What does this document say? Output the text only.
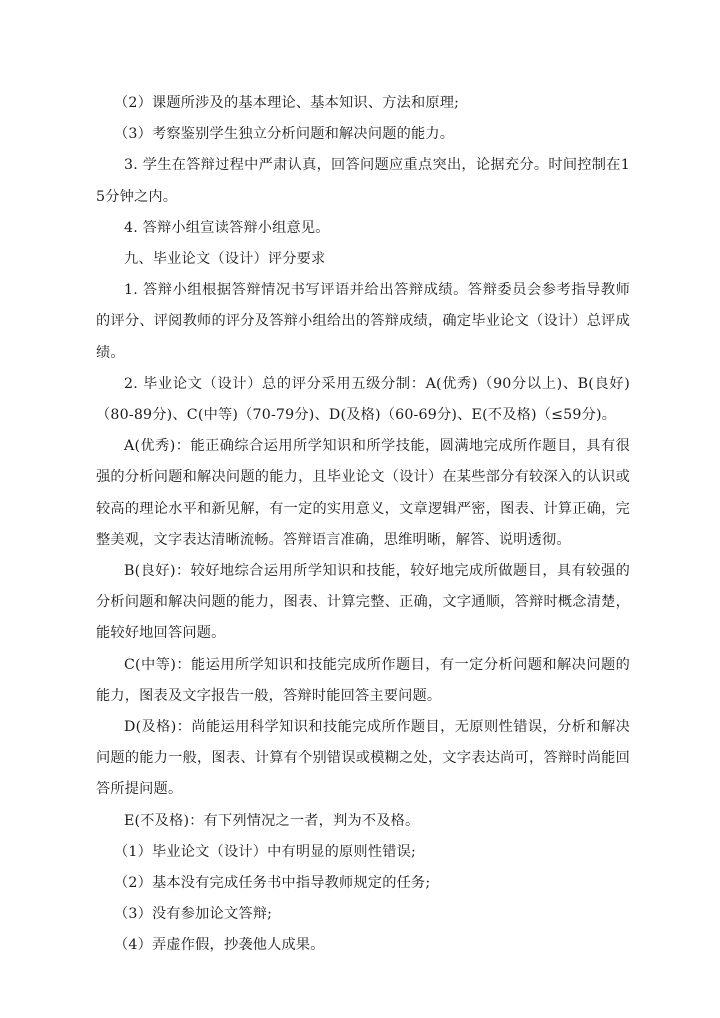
（2）课题所涉及的基本理论、基本知识、方法和原理;

（3）考察鉴别学生独立分析问题和解决问题的能力。

3. 学生在答辩过程中严肃认真，回答问题应重点突出，论据充分。时间控制在15分钟之内。

4. 答辩小组宣读答辩小组意见。

九、毕业论文（设计）评分要求

1. 答辩小组根据答辩情况书写评语并给出答辩成绩。答辩委员会参考指导教师的评分、评阅教师的评分及答辩小组给出的答辩成绩，确定毕业论文（设计）总评成绩。

2. 毕业论文（设计）总的评分采用五级分制：A(优秀)（90分以上)、B(良好)（80-89分)、C(中等)（70-79分)、D(及格)（60-69分)、E(不及格)（≤59分)。

A(优秀)：能正确综合运用所学知识和所学技能，圆满地完成所作题目，具有很强的分析问题和解决问题的能力，且毕业论文（设计）在某些部分有较深入的认识或较高的理论水平和新见解，有一定的实用意义，文章逻辑严密，图表、计算正确，完整美观，文字表达清晰流畅。答辩语言准确，思维明晰，解答、说明透彻。

B(良好)：较好地综合运用所学知识和技能，较好地完成所做题目，具有较强的分析问题和解决问题的能力，图表、计算完整、正确，文字通顺，答辩时概念清楚，能较好地回答问题。

C(中等)：能运用所学知识和技能完成所作题目，有一定分析问题和解决问题的能力，图表及文字报告一般，答辩时能回答主要问题。

D(及格)：尚能运用科学知识和技能完成所作题目，无原则性错误，分析和解决问题的能力一般，图表、计算有个别错误或模糊之处，文字表达尚可，答辩时尚能回答所提问题。

E(不及格)：有下列情况之一者，判为不及格。

（1）毕业论文（设计）中有明显的原则性错误;

（2）基本没有完成任务书中指导教师规定的任务;

（3）没有参加论文答辩;

（4）弄虚作假，抄袭他人成果。
